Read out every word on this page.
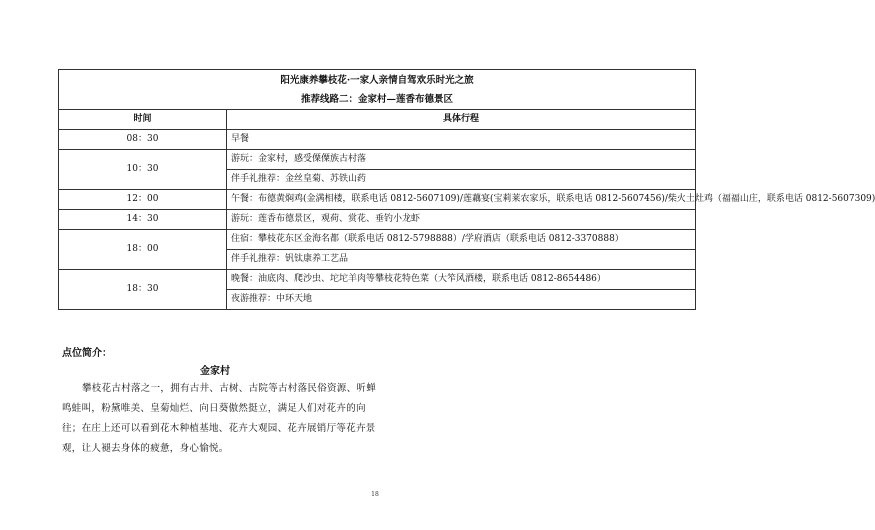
阳光康养攀枝花·一家人亲情自驾欢乐时光之旅
推荐线路二：金家村—莲香布德景区	

时间	具体行程
08：30	早餐
10：30	游玩：金家村，感受傈僳族古村落
	伴手礼推荐：金丝皇菊、苏铁山药
12：00	午餐：布德黄焖鸡(金满相楼，联系电话 0812-5607109)/莲藕宴(宝莉莱农家乐，联系电话 0812-5607456)/柴火土灶鸡（福福山庄，联系电话 0812-5607309)
14：30	游玩：莲香布德景区，观荷、赏花、垂钓小龙虾
18：00	住宿：攀枝花东区金海名都（联系电话 0812-5798888）/学府酒店（联系电话 0812-3370888）
	伴手礼推荐：钒钛康养工艺品
18：30	晚餐：油底肉、爬沙虫、坨坨羊肉等攀枝花特色菜（大笮风酒楼，联系电话 0812-8654486）
	夜游推荐：中环天地
点位简介：
金家村
攀枝花古村落之一，拥有古井、古树、古院等古村落民俗资源、听蝉鸣蛙叫，粉黛唯美、皇菊灿烂、向日葵傲然挺立，满足人们对花卉的向往；在庄上还可以看到花木种植基地、花卉大观园、花卉展销厅等花卉景观，让人褪去身体的疲惫，身心愉悦。
18
